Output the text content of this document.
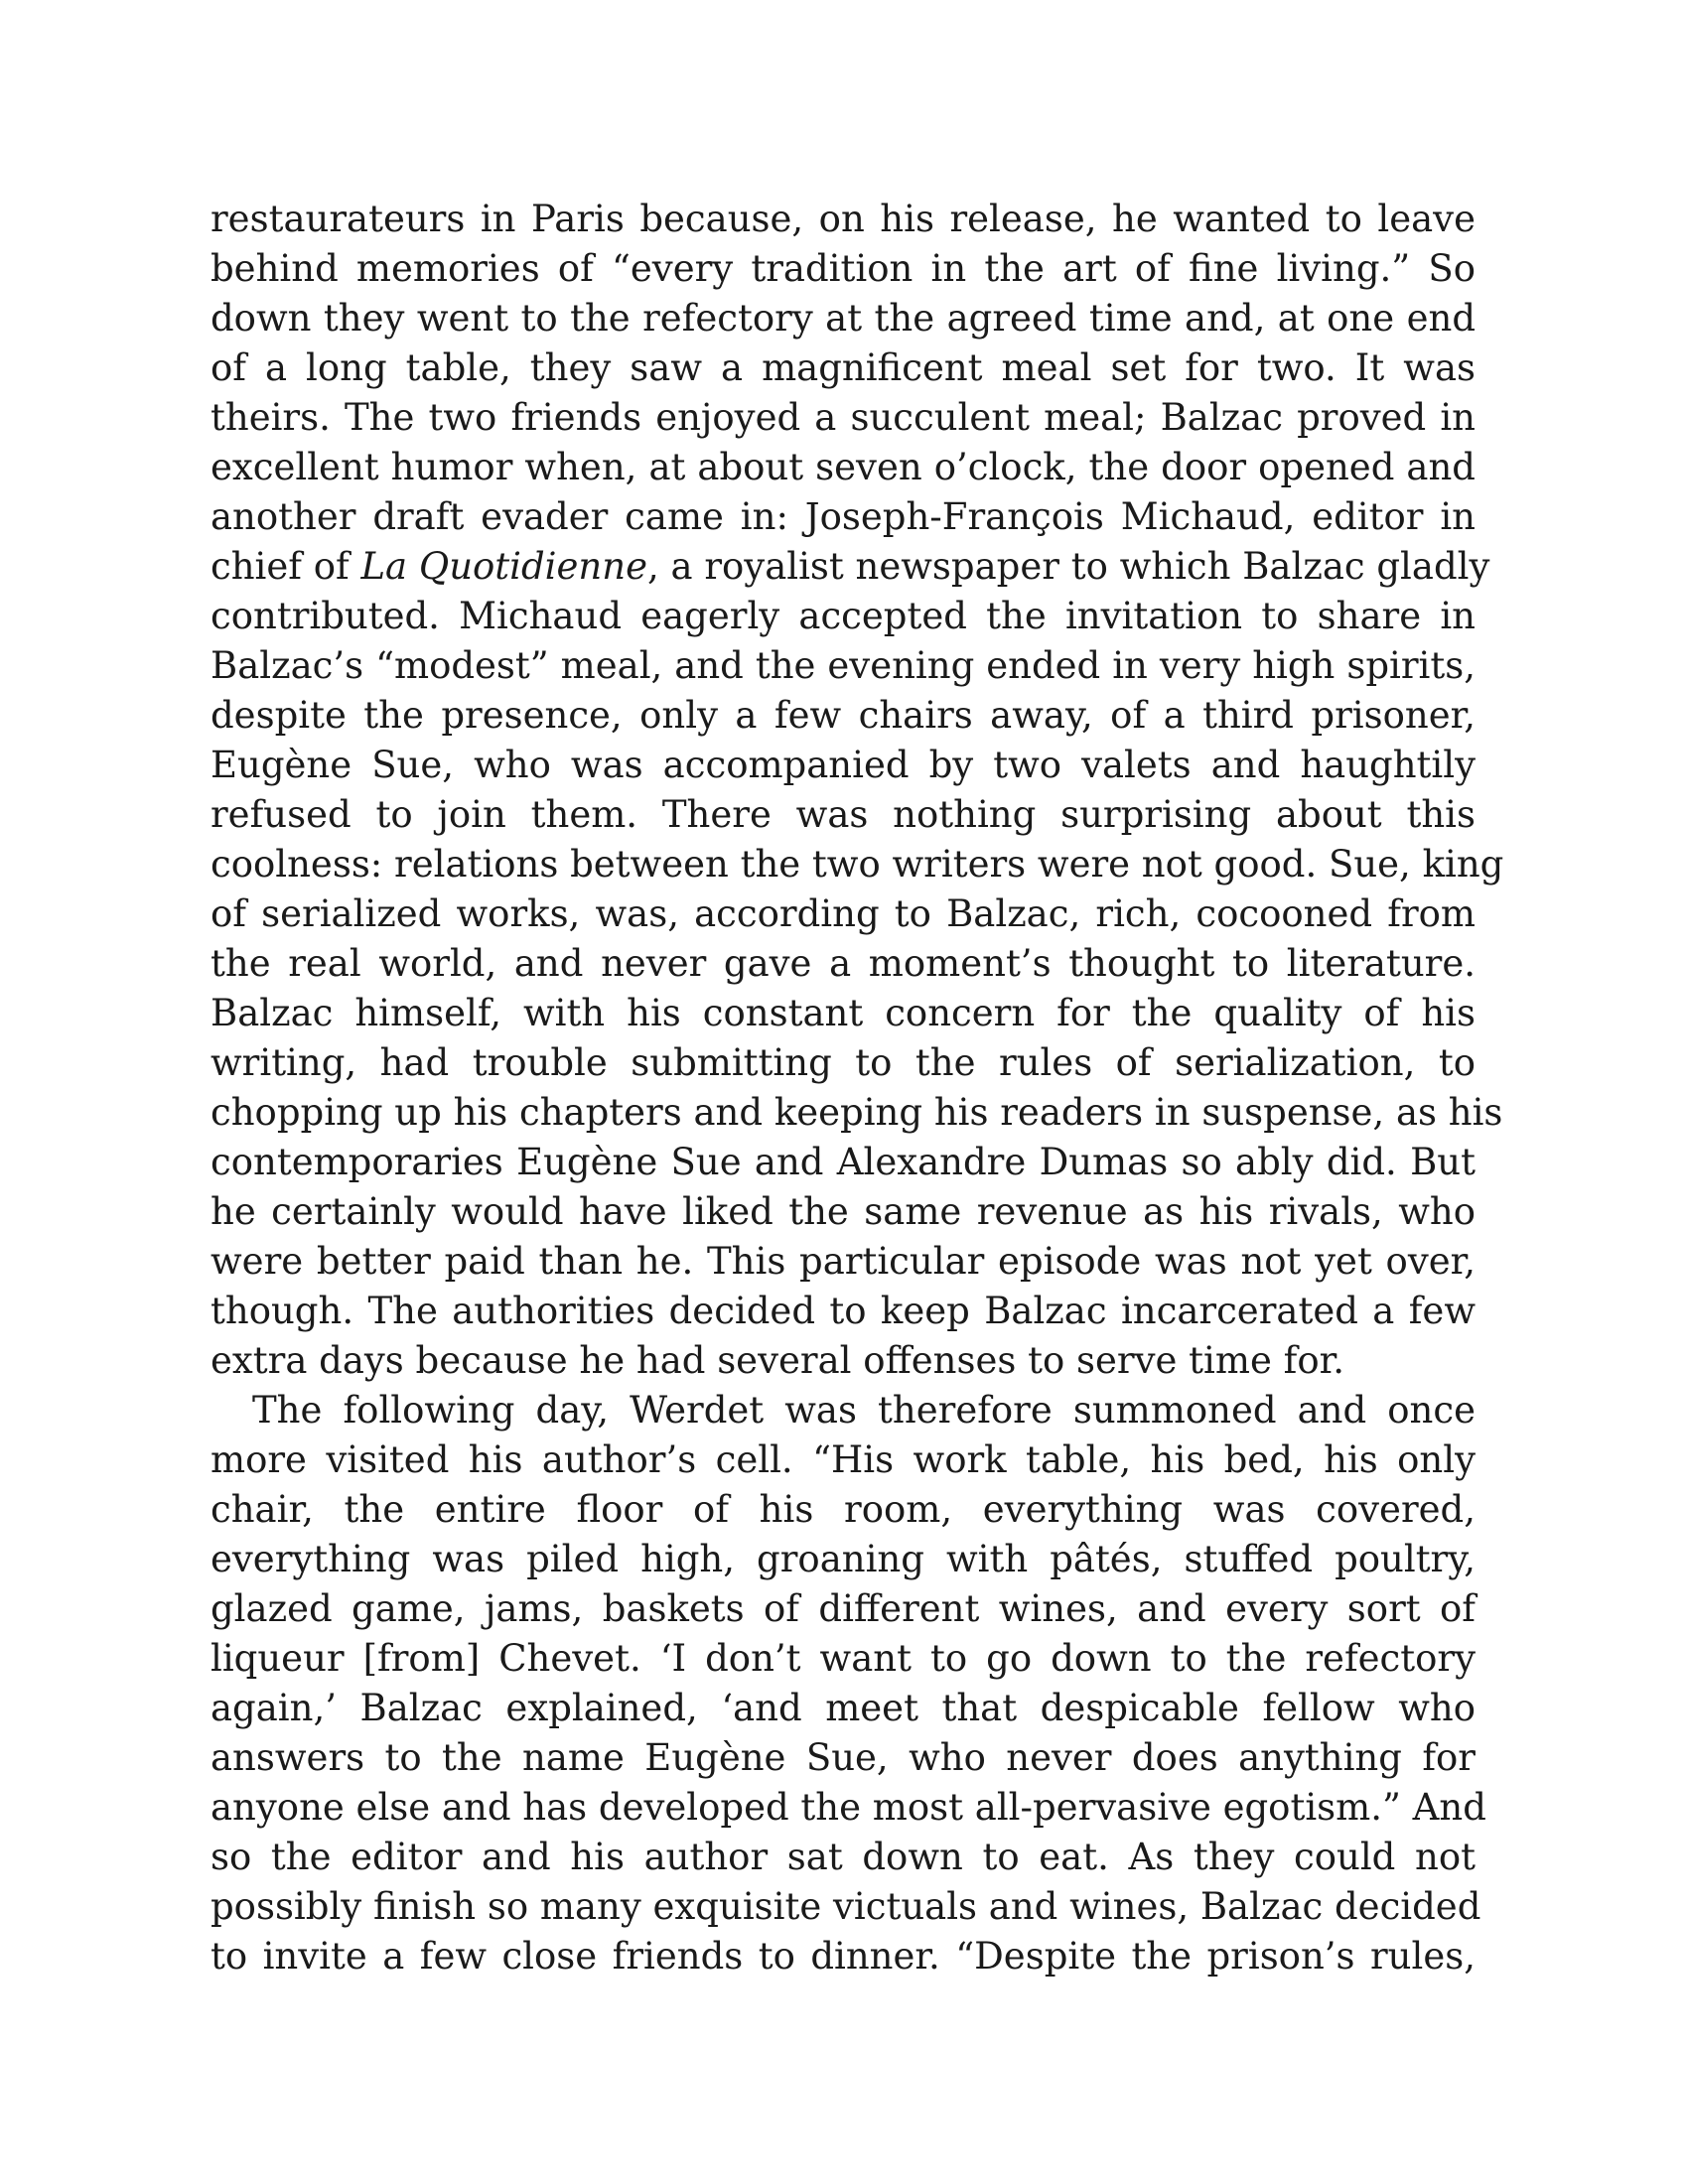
restaurateurs in Paris because, on his release, he wanted to leave
behind memories of “every tradition in the art of fine living.” So
down they went to the refectory at the agreed time and, at one end
of a long table, they saw a magnificent meal set for two. It was
theirs. The two friends enjoyed a succulent meal; Balzac proved in
excellent humor when, at about seven o’clock, the door opened and
another draft evader came in: Joseph-François Michaud, editor in
chief of La Quotidienne, a royalist newspaper to which Balzac gladly
contributed. Michaud eagerly accepted the invitation to share in
Balzac’s “modest” meal, and the evening ended in very high spirits,
despite the presence, only a few chairs away, of a third prisoner,
Eugène Sue, who was accompanied by two valets and haughtily
refused to join them. There was nothing surprising about this
coolness: relations between the two writers were not good. Sue, king
of serialized works, was, according to Balzac, rich, cocooned from
the real world, and never gave a moment’s thought to literature.
Balzac himself, with his constant concern for the quality of his
writing, had trouble submitting to the rules of serialization, to
chopping up his chapters and keeping his readers in suspense, as his
contemporaries Eugène Sue and Alexandre Dumas so ably did. But
he certainly would have liked the same revenue as his rivals, who
were better paid than he. This particular episode was not yet over,
though. The authorities decided to keep Balzac incarcerated a few
extra days because he had several offenses to serve time for.

The following day, Werdet was therefore summoned and once
more visited his author’s cell. “His work table, his bed, his only
chair, the entire floor of his room, everything was covered,
everything was piled high, groaning with pâtés, stuffed poultry,
glazed game, jams, baskets of different wines, and every sort of
liqueur [from] Chevet. ‘I don’t want to go down to the refectory
again,’ Balzac explained, ‘and meet that despicable fellow who
answers to the name Eugène Sue, who never does anything for
anyone else and has developed the most all-pervasive egotism.” And
so the editor and his author sat down to eat. As they could not
possibly finish so many exquisite victuals and wines, Balzac decided
to invite a few close friends to dinner. “Despite the prison’s rules,
